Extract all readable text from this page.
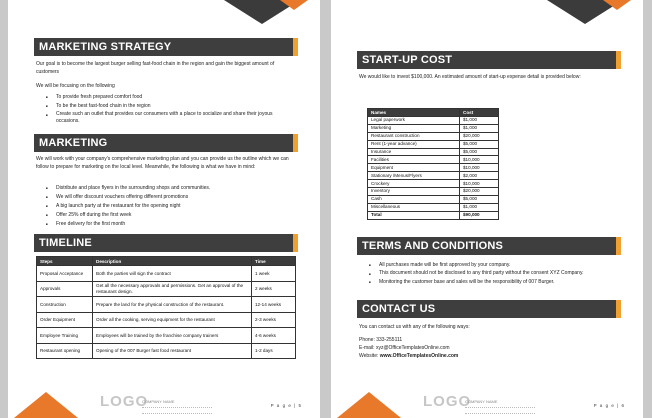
MARKETING STRATEGY

Our goal is to become the largest burger selling fast-food chain in the region and gain the biggest amount of customers

We will be focusing on the following

■ To provide fresh prepared comfort food
■ To be the best fast-food chain in the region
■ Create such an outlet that provides our consumers with a place to socialize and share their joyous occasions.
MARKETING

We will work with your company's comprehensive marketing plan and you can provide us the outline which we can follow to prepare for marketing on the local level. Meanwhile, the following is what we have in mind:

■ Distribute and place flyers in the surrounding shops and communities.
■ We will offer discount vouchers offering different promotions
■ A big launch party at the restaurant for the opening night
■ Offer 25% off during the first week
■ Free delivery for the first month
TIMELINE
Steps	Description	Time
Proposal Acceptance	Both the parties will sign the contract	1 week
Approvals	Get all the necessary approvals and permissions. Get an approval of the restaurant design.	2 weeks
Construction	Prepare the land for the physical construction of the restaurant.	12-14 weeks
Order Equipment	Order all the cooking, serving equipment for the restaurant	2-3 weeks
Employee Training	Employees will be trained by the franchise company trainers	4-6 weeks
Restaurant opening	Opening of the 007 Burger fast food restaurant	1-2 days
LOGO
COMPANY NAME
P a g e | 5
START-UP COST

We would like to invest $100,000. An estimated amount of start-up expense detail is provided below:

Names	Cost
Legal paperwork	$1,000
Marketing	$1,000
Restaurant construction	$20,000
Rent (1-year advance)	$5,000
Insurance	$5,000
Facilities	$10,000
Equipment	$10,000
Stationary /Menus/Flyers	$2,000
Crockery	$10,000
Inventory	$20,000
Cash	$5,000
Miscellaneous	$1,000
Total	$90,000
TERMS AND CONDITIONS
■ All purchases made will be first approved by your company.
■ This document should not be disclosed to any third party without the consent XYZ Company.
■ Monitoring the customer base and sales will be the responsibility of 007 Burger.
CONTACT US

You can contact us with any of the following ways:

Phone: 333-255111

E-mail: xyz@OfficeTemplatesOnline.com

Website: www.OfficeTemplatesOnline.com

LOGO
COMPANY NAME
P a g e | 6
